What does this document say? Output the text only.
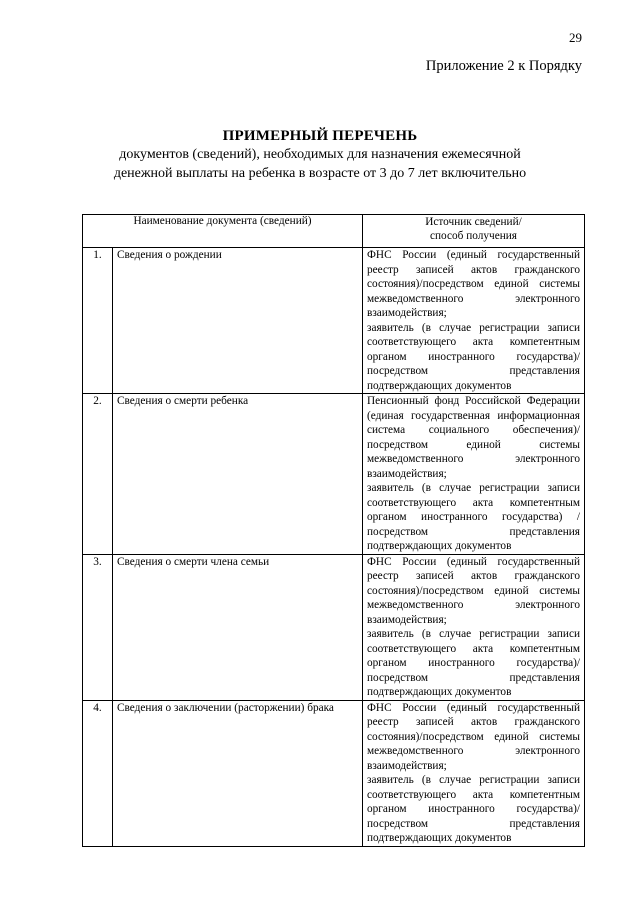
29
Приложение 2 к Порядку
ПРИМЕРНЫЙ ПЕРЕЧЕНЬ
документов (сведений), необходимых для назначения ежемесячной
денежной выплаты на ребенка в возрасте от 3 до 7 лет включительно
Наименование документа (сведений)		Источник сведений/
способ получения

1.	Сведения о рождении	ФНС России (единый государственный реестр записей актов гражданского состояния)/посредством единой системы межведомственного электронного взаимодействия;
заявитель (в случае регистрации записи соответствующего акта компетентным органом иностранного государства)/посредством представления подтверждающих документов

2.	Сведения о смерти ребенка	Пенсионный фонд Российской Федерации (единая государственная информационная система социального обеспечения)/посредством единой системы межведомственного электронного взаимодействия;
заявитель (в случае регистрации записи соответствующего акта компетентным органом иностранного государства) / посредством представления подтверждающих документов

3.	Сведения о смерти члена семьи	ФНС России (единый государственный реестр записей актов гражданского состояния)/посредством единой системы межведомственного электронного взаимодействия;
заявитель (в случае регистрации записи соответствующего акта компетентным органом иностранного государства)/посредством представления подтверждающих документов

4.	Сведения о заключении (расторжении) брака	ФНС России (единый государственный реестр записей актов гражданского состояния)/посредством единой системы межведомственного электронного взаимодействия;
заявитель (в случае регистрации записи соответствующего акта компетентным органом иностранного государства)/посредством представления подтверждающих документов
